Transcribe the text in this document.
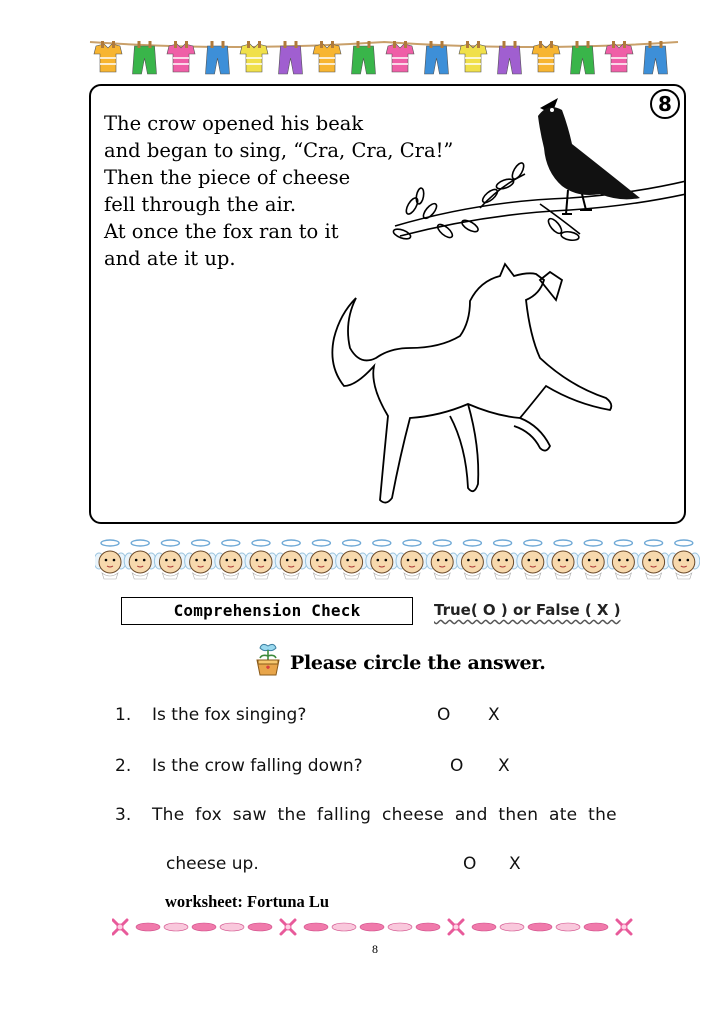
The crow opened his beak
and began to sing, “Cra, Cra, Cra!”
Then the piece of cheese
fell through the air.
At once the fox ran to it
and ate it up.
8
Comprehension Check	True( O ) or False ( X )
Please circle the answer.
1. Is the fox singing?	O X
2. Is the crow falling down?	O X
3. The fox saw the falling cheese and then ate the
cheese up.	O X
worksheet: Fortuna Lu
8
